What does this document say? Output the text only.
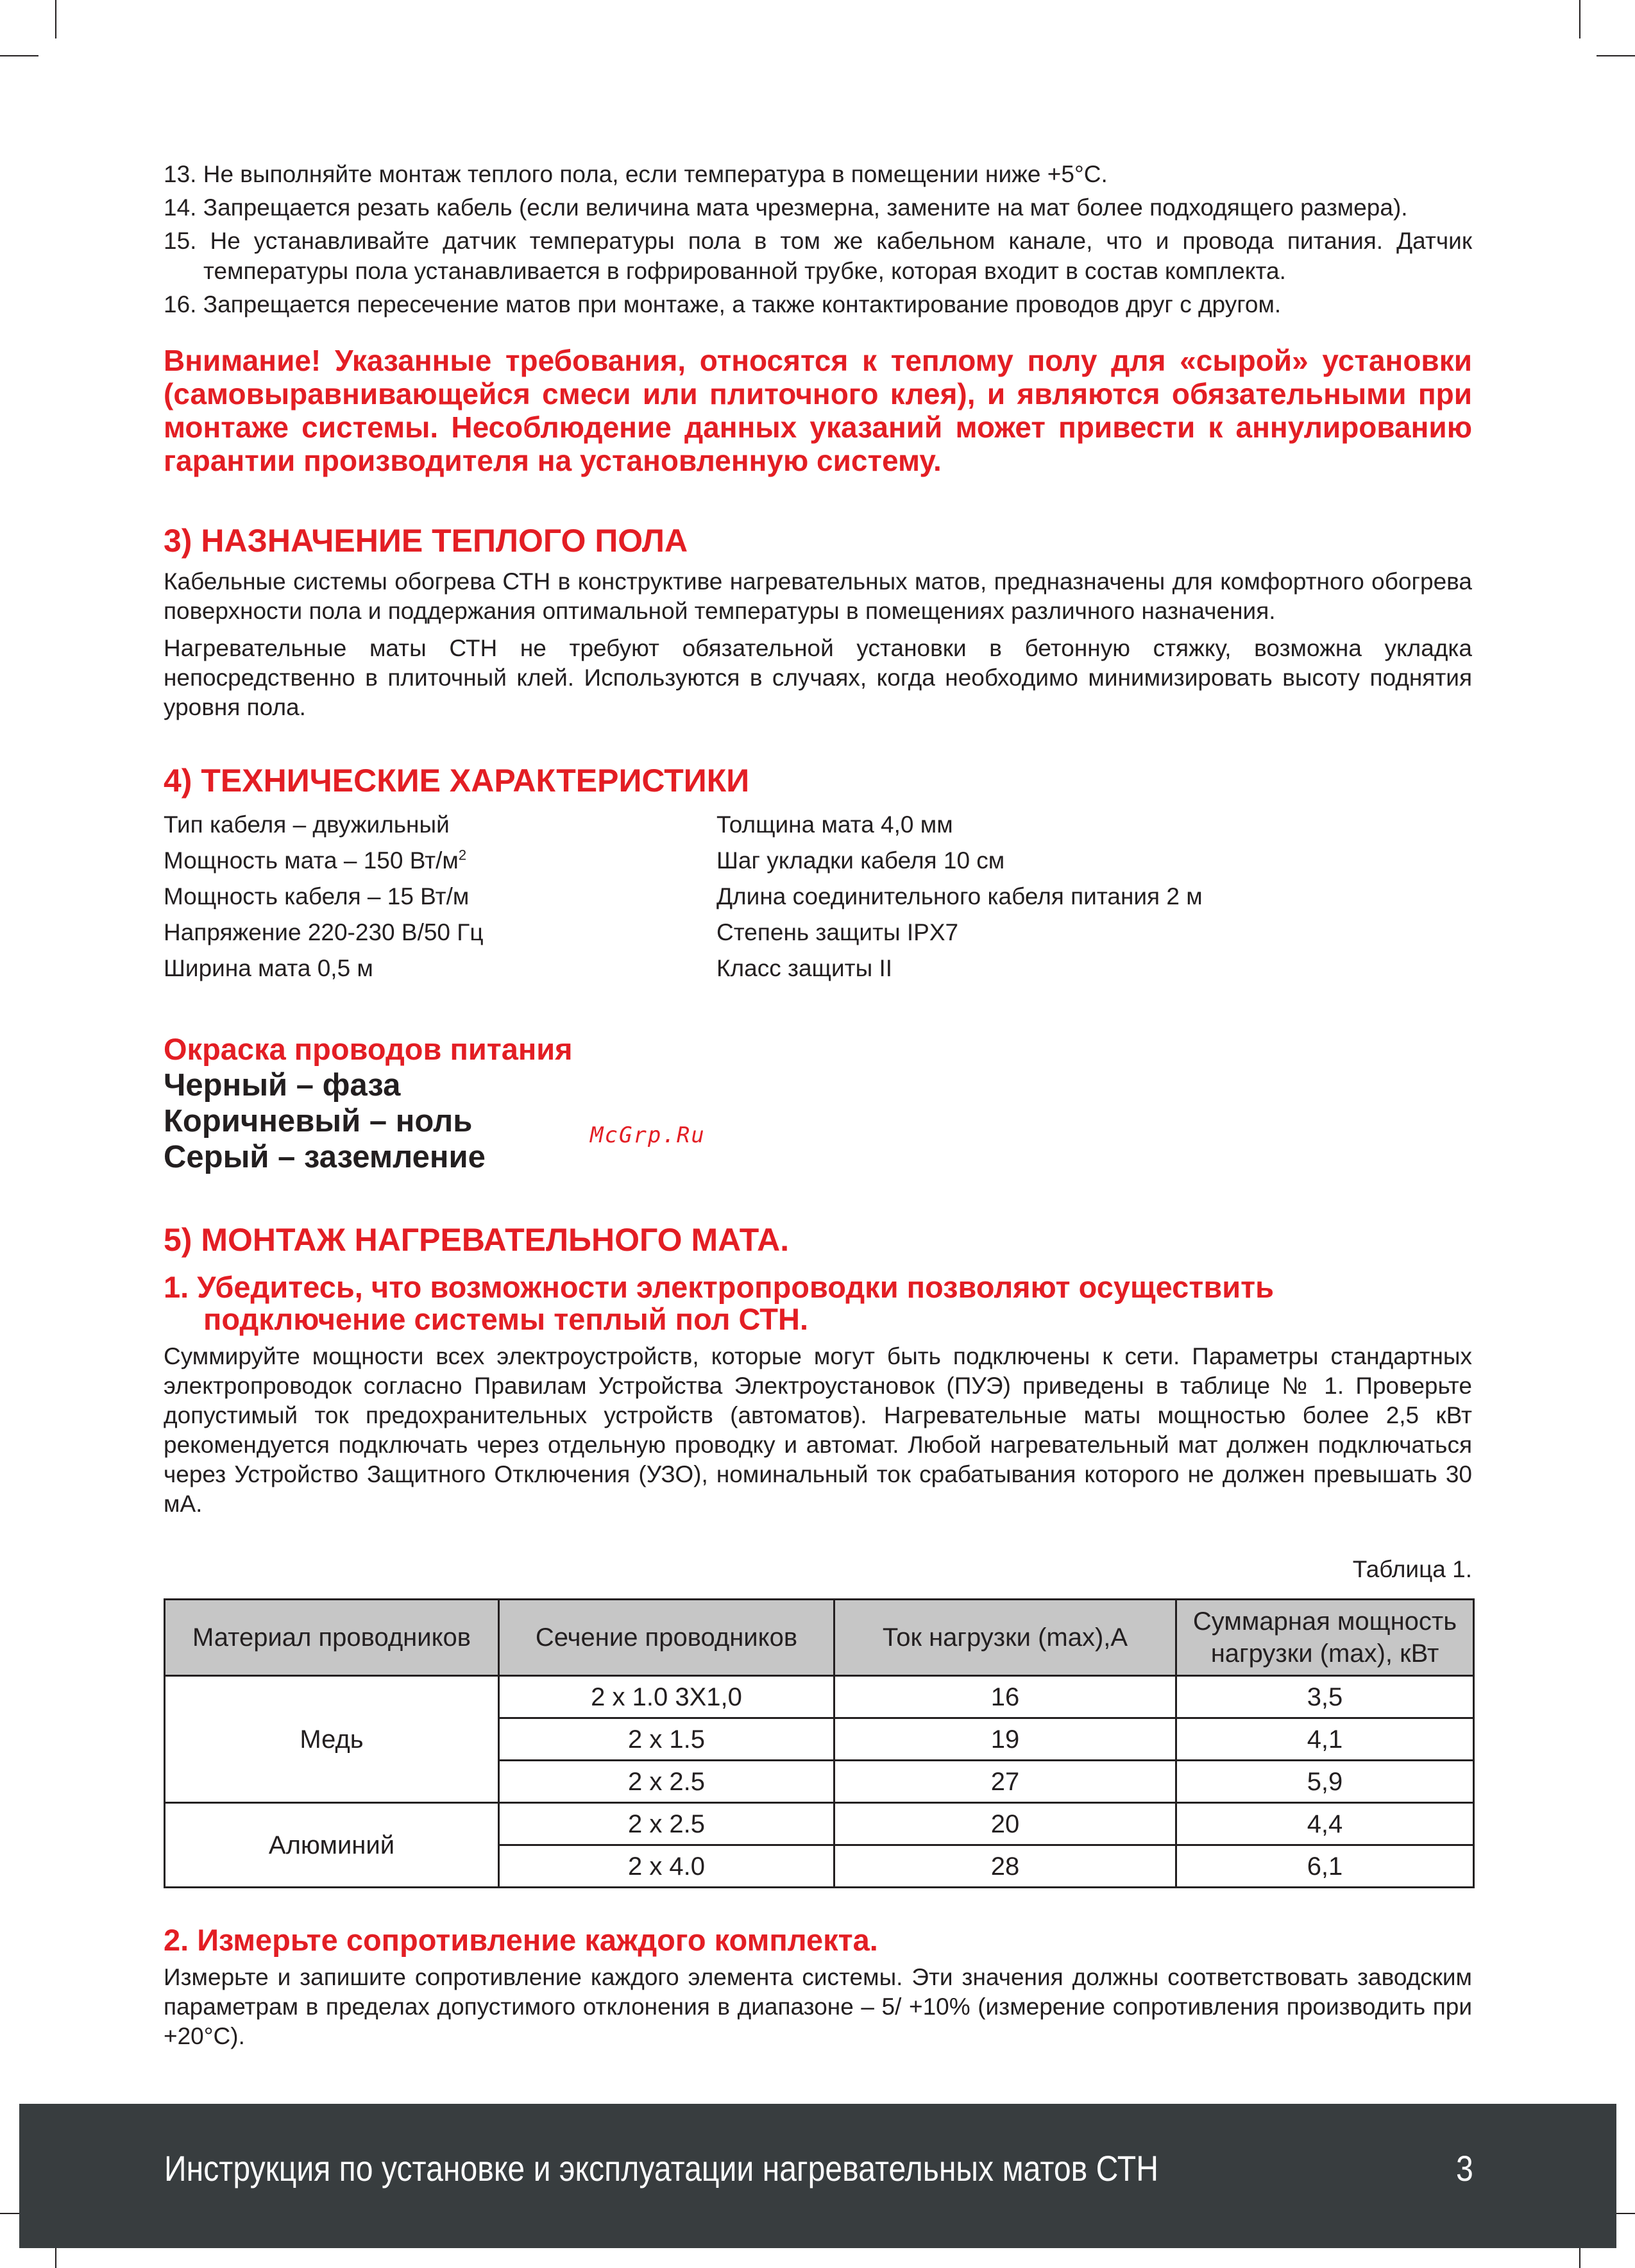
13. Не выполняйте монтаж теплого пола, если температура в помещении ниже +5°С.
14. Запрещается резать кабель (если величина мата чрезмерна, замените на мат более подходящего размера).
15. Не устанавливайте датчик температуры пола в том же кабельном канале, что и провода питания. Датчик температуры пола устанавливается в гофрированной трубке, которая входит в состав комплекта.
16. Запрещается пересечение матов при монтаже, а также контактирование проводов друг с другом.

Внимание! Указанные требования, относятся к теплому полу для «сырой» установки (самовыравнивающейся смеси или плиточного клея), и являются обязательными при монтаже системы. Несоблюдение данных указаний может привести к аннулированию гарантии производителя на установленную систему.

3) НАЗНАЧЕНИЕ ТЕПЛОГО ПОЛА

Кабельные системы обогрева СТН в конструктиве нагревательных матов, предназначены для комфортного обогрева поверхности пола и поддержания оптимальной температуры в помещениях различного назначения.

Нагревательные маты СТН не требуют обязательной установки в бетонную стяжку, возможна укладка непосредственно в плиточный клей. Используются в случаях, когда необходимо минимизировать высоту поднятия уровня пола.

4) ТЕХНИЧЕСКИЕ ХАРАКТЕРИСТИКИ
Тип кабеля – двужильный
Мощность мата – 150 $Вт/м^2$
Мощность кабеля – 15 Вт/м
Напряжение 220-230 В/50 Гц
Ширина мата 0,5 м
Толщина мата 4,0 мм
Шаг укладки кабеля 10 см
Длина соединительного кабеля питания 2 м
Степень защиты IPX7
Класс защиты II
Окраска проводов питания
Черный – фаза
Коричневый – ноль
Серый – заземление
5) МОНТАЖ НАГРЕВАТЕЛЬНОГО МАТА.
1. Убедитесь, что возможности электропроводки позволяют осуществить подключение системы теплый пол СТН.

Суммируйте мощности всех электроустройств, которые могут быть подключены к сети. Параметры стандартных электропроводок согласно Правилам Устройства Электроустановок (ПУЭ) приведены в таблице № 1. Проверьте допустимый ток предохранительных устройств (автоматов). Нагревательные маты мощностью более 2,5 кВт рекомендуется подключать через отдельную проводку и автомат. Любой нагревательный мат должен подключаться через Устройство Защитного Отключения (УЗО), номинальный ток срабатывания которого не должен превышать 30 мА.

Таблица 1.
Материал проводников	Сечение проводников	Ток нагрузки (max),А	Суммарная мощность нагрузки (max), кВт
Медь	2 х 1.0 3Х1,0	16	3,5
	2 х 1.5	19	4,1
	2 х 2.5	27	5,9
Алюминий	2 х 2.5	20	4,4
	2 х 4.0	28	6,1
2. Измерьте сопротивление каждого комплекта.

Измерьте и запишите сопротивление каждого элемента системы. Эти значения должны соответствовать заводским параметрам в пределах допустимого отклонения в диапазоне – 5/ +10% (измерение сопротивления производить при +20°С).

McGrp.Ru
Инструкция по установке и эксплуатации нагревательных матов СТН	3
